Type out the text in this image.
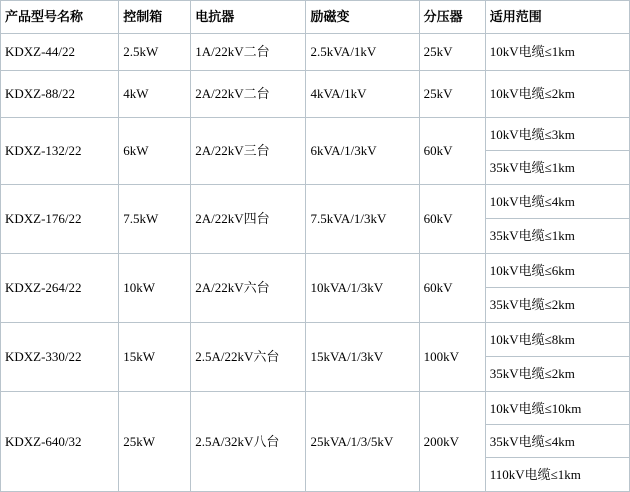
产品型号名称	控制箱	电抗器	励磁变	分压器	适用范围
KDXZ-44/22	2.5kW	1A/22kV二台	2.5kVA/1kV	25kV	10kV电缆≤1km

KDXZ-88/22	4kW	2A/22kV二台	4kVA/1kV	25kV	10kV电缆≤2km

KDXZ-132/22	6kW	2A/22kV三台	6kVA/1/3kV	60kV	10kV电缆≤3km
35kV电缆≤1km

KDXZ-176/22	7.5kW	2A/22kV四台	7.5kVA/1/3kV	60kV	10kV电缆≤4km
35kV电缆≤1km

KDXZ-264/22	10kW	2A/22kV六台	10kVA/1/3kV	60kV	10kV电缆≤6km
35kV电缆≤2km

KDXZ-330/22	15kW	2.5A/22kV六台	15kVA/1/3kV	100kV	10kV电缆≤8km
35kV电缆≤2km

KDXZ-640/32	25kW	2.5A/32kV八台	25kVA/1/3/5kV	200kV	10kV电缆≤10km
35kV电缆≤4km
110kV电缆≤1km
